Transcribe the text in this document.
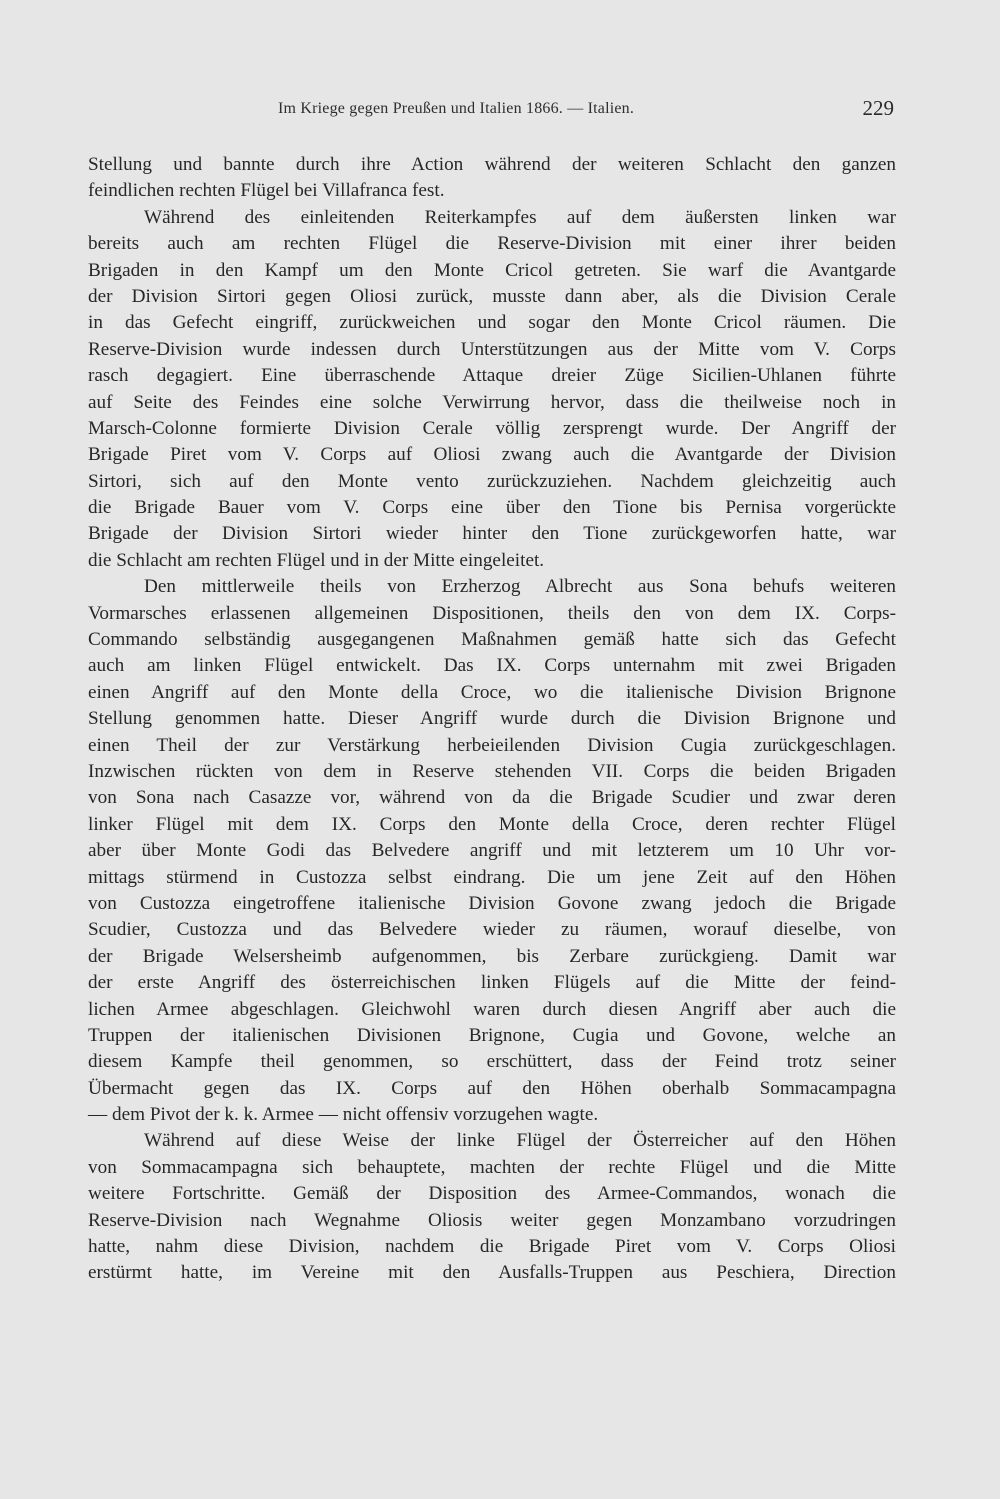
Im Kriege gegen Preußen und Italien 1866. — Italien.	229
Stellung und bannte durch ihre Action während der weiteren Schlacht den ganzen
feindlichen rechten Flügel bei Villafranca fest.
Während des einleitenden Reiterkampfes auf dem äußersten linken war
bereits auch am rechten Flügel die Reserve-Division mit einer ihrer beiden
Brigaden in den Kampf um den Monte Cricol getreten. Sie warf die Avantgarde
der Division Sirtori gegen Oliosi zurück, musste dann aber, als die Division Cerale
in das Gefecht eingriff, zurückweichen und sogar den Monte Cricol räumen. Die
Reserve-Division wurde indessen durch Unterstützungen aus der Mitte vom V. Corps
rasch degagiert. Eine überraschende Attaque dreier Züge Sicilien-Uhlanen führte
auf Seite des Feindes eine solche Verwirrung hervor, dass die theilweise noch in
Marsch-Colonne formierte Division Cerale völlig zersprengt wurde. Der Angriff der
Brigade Piret vom V. Corps auf Oliosi zwang auch die Avantgarde der Division
Sirtori, sich auf den Monte vento zurückzuziehen. Nachdem gleichzeitig auch
die Brigade Bauer vom V. Corps eine über den Tione bis Pernisa vorgerückte
Brigade der Division Sirtori wieder hinter den Tione zurückgeworfen hatte, war
die Schlacht am rechten Flügel und in der Mitte eingeleitet.
Den mittlerweile theils von Erzherzog Albrecht aus Sona behufs weiteren
Vormarsches erlassenen allgemeinen Dispositionen, theils den von dem IX. Corps-
Commando selbständig ausgegangenen Maßnahmen gemäß hatte sich das Gefecht
auch am linken Flügel entwickelt. Das IX. Corps unternahm mit zwei Brigaden
einen Angriff auf den Monte della Croce, wo die italienische Division Brignone
Stellung genommen hatte. Dieser Angriff wurde durch die Division Brignone und
einen Theil der zur Verstärkung herbeieilenden Division Cugia zurückgeschlagen.
Inzwischen rückten von dem in Reserve stehenden VII. Corps die beiden Brigaden
von Sona nach Casazze vor, während von da die Brigade Scudier und zwar deren
linker Flügel mit dem IX. Corps den Monte della Croce, deren rechter Flügel
aber über Monte Godi das Belvedere angriff und mit letzterem um 10 Uhr vor-
mittags stürmend in Custozza selbst eindrang. Die um jene Zeit auf den Höhen
von Custozza eingetroffene italienische Division Govone zwang jedoch die Brigade
Scudier, Custozza und das Belvedere wieder zu räumen, worauf dieselbe, von
der Brigade Welsersheimb aufgenommen, bis Zerbare zurückgieng. Damit war
der erste Angriff des österreichischen linken Flügels auf die Mitte der feind-
lichen Armee abgeschlagen. Gleichwohl waren durch diesen Angriff aber auch die
Truppen der italienischen Divisionen Brignone, Cugia und Govone, welche an
diesem Kampfe theil genommen, so erschüttert, dass der Feind trotz seiner
Übermacht gegen das IX. Corps auf den Höhen oberhalb Sommacampagna
— dem Pivot der k. k. Armee — nicht offensiv vorzugehen wagte.
Während auf diese Weise der linke Flügel der Österreicher auf den Höhen
von Sommacampagna sich behauptete, machten der rechte Flügel und die Mitte
weitere Fortschritte. Gemäß der Disposition des Armee-Commandos, wonach die
Reserve-Division nach Wegnahme Oliosis weiter gegen Monzambano vorzudringen
hatte, nahm diese Division, nachdem die Brigade Piret vom V. Corps Oliosi
erstürmt hatte, im Vereine mit den Ausfalls-Truppen aus Peschiera, Direction
